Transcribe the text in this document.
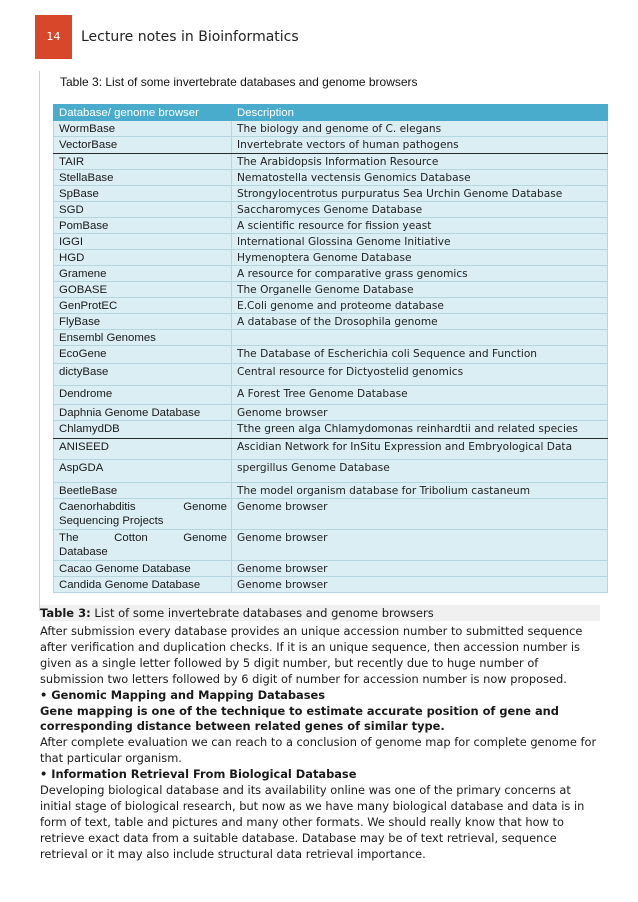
14	Lecture notes in Bioinformatics
Table 3: List of some invertebrate databases and genome browsers
Database/ genome browser	Description
WormBase	The biology and genome of C. elegans
VectorBase	Invertebrate vectors of human pathogens
TAIR	The Arabidopsis Information Resource
StellaBase	Nematostella vectensis Genomics Database
SpBase	Strongylocentrotus purpuratus Sea Urchin Genome Database
SGD	Saccharomyces Genome Database
PomBase	A scientific resource for fission yeast
IGGI	International Glossina Genome Initiative
HGD	Hymenoptera Genome Database
Gramene	A resource for comparative grass genomics
GOBASE	The Organelle Genome Database
GenProtEC	E.Coli genome and proteome database
FlyBase	A database of the Drosophila genome
Ensembl Genomes	
EcoGene	The Database of Escherichia coli Sequence and Function
dictyBase	Central resource for Dictyostelid genomics
Dendrome	A Forest Tree Genome Database
Daphnia Genome Database	Genome browser
ChlamydDB	Tthe green alga Chlamydomonas reinhardtii and related species
ANISEED	Ascidian Network for InSitu Expression and Embryological Data
AspGDA	spergillus Genome Database
BeetleBase	The model organism database for Tribolium castaneum

Caenorhabditis Genome
Sequencing Projects	Genome browser

The Cotton Genome
Database	Genome browser
Cacao Genome Database	Genome browser
Candida Genome Database	Genome browser
Table 3: List of some invertebrate databases and genome browsers

After submission every database provides an unique accession number to submitted sequence after verification and duplication checks. If it is an unique sequence, then accession number is given as a single letter followed by 5 digit number, but recently due to huge number of submission two letters followed by 6 digit of number for accession number is now proposed.

• Genomic Mapping and Mapping Databases

Gene mapping is one of the technique to estimate accurate position of gene and corresponding distance between related genes of similar type.

After complete evaluation we can reach to a conclusion of genome map for complete genome for that particular organism.

• Information Retrieval From Biological Database

Developing biological database and its availability online was one of the primary concerns at initial stage of biological research, but now as we have many biological database and data is in form of text, table and pictures and many other formats. We should really know that how to retrieve exact data from a suitable database. Database may be of text retrieval, sequence retrieval or it may also include structural data retrieval importance.
